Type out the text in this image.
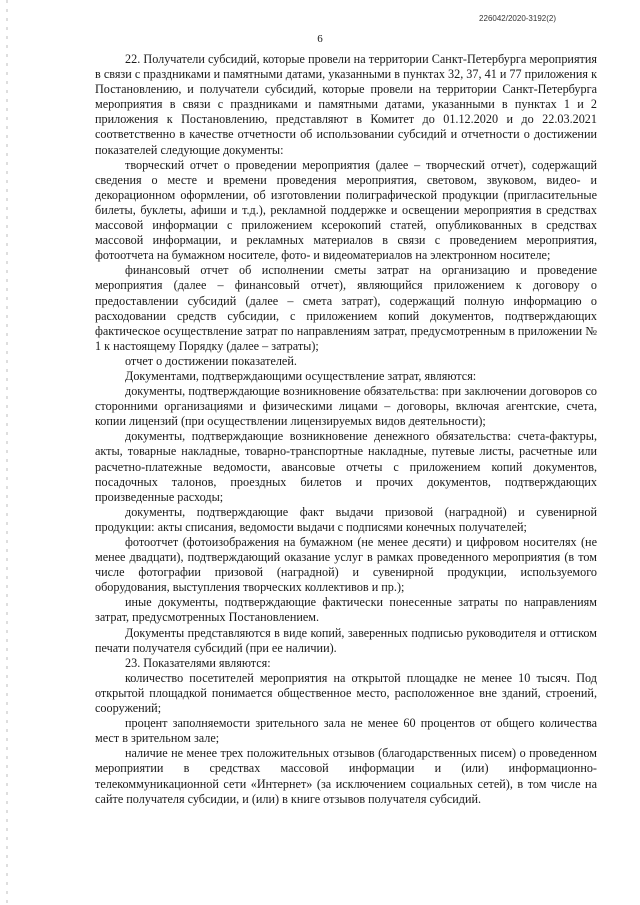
226042/2020-3192(2)
6

22. Получатели субсидий, которые провели на территории Санкт-Петербурга мероприятия в связи с праздниками и памятными датами, указанными в пунктах 32, 37, 41 и 77 приложения к Постановлению, и получатели субсидий, которые провели на территории Санкт-Петербурга мероприятия в связи с праздниками и памятными датами, указанными в пунктах 1 и 2 приложения к Постановлению, представляют в Комитет до 01.12.2020 и до 22.03.2021 соответственно в качестве отчетности об использовании субсидий и отчетности о достижении показателей следующие документы:

творческий отчет о проведении мероприятия (далее – творческий отчет), содержащий сведения о месте и времени проведения мероприятия, световом, звуковом, видео- и декорационном оформлении, об изготовлении полиграфической продукции (пригласительные билеты, буклеты, афиши и т.д.), рекламной поддержке и освещении мероприятия в средствах массовой информации с приложением ксерокопий статей, опубликованных в средствах массовой информации, и рекламных материалов в связи с проведением мероприятия, фотоотчета на бумажном носителе, фото- и видеоматериалов на электронном носителе;

финансовый отчет об исполнении сметы затрат на организацию и проведение мероприятия (далее – финансовый отчет), являющийся приложением к договору о предоставлении субсидий (далее – смета затрат), содержащий полную информацию о расходовании средств субсидии, с приложением копий документов, подтверждающих фактическое осуществление затрат по направлениям затрат, предусмотренным в приложении № 1 к настоящему Порядку (далее – затраты);

отчет о достижении показателей.

Документами, подтверждающими осуществление затрат, являются:

документы, подтверждающие возникновение обязательства: при заключении договоров со сторонними организациями и физическими лицами – договоры, включая агентские, счета, копии лицензий (при осуществлении лицензируемых видов деятельности);

документы, подтверждающие возникновение денежного обязательства: счета-фактуры, акты, товарные накладные, товарно-транспортные накладные, путевые листы, расчетные или расчетно-платежные ведомости, авансовые отчеты с приложением копий документов, посадочных талонов, проездных билетов и прочих документов, подтверждающих произведенные расходы;

документы, подтверждающие факт выдачи призовой (наградной) и сувенирной продукции: акты списания, ведомости выдачи с подписями конечных получателей;

фотоотчет (фотоизображения на бумажном (не менее десяти) и цифровом носителях (не менее двадцати), подтверждающий оказание услуг в рамках проведенного мероприятия (в том числе фотографии призовой (наградной) и сувенирной продукции, используемого оборудования, выступления творческих коллективов и пр.);

иные документы, подтверждающие фактически понесенные затраты по направлениям затрат, предусмотренных Постановлением.

Документы представляются в виде копий, заверенных подписью руководителя и оттиском печати получателя субсидий (при ее наличии).

23. Показателями являются:

количество посетителей мероприятия на открытой площадке не менее 10 тысяч. Под открытой площадкой понимается общественное место, расположенное вне зданий, строений, сооружений;

процент заполняемости зрительного зала не менее 60 процентов от общего количества мест в зрительном зале;

наличие не менее трех положительных отзывов (благодарственных писем) о проведенном мероприятии в средствах массовой информации и (или) информационно-телекоммуникационной сети «Интернет» (за исключением социальных сетей), в том числе на сайте получателя субсидии, и (или) в книге отзывов получателя субсидий.
